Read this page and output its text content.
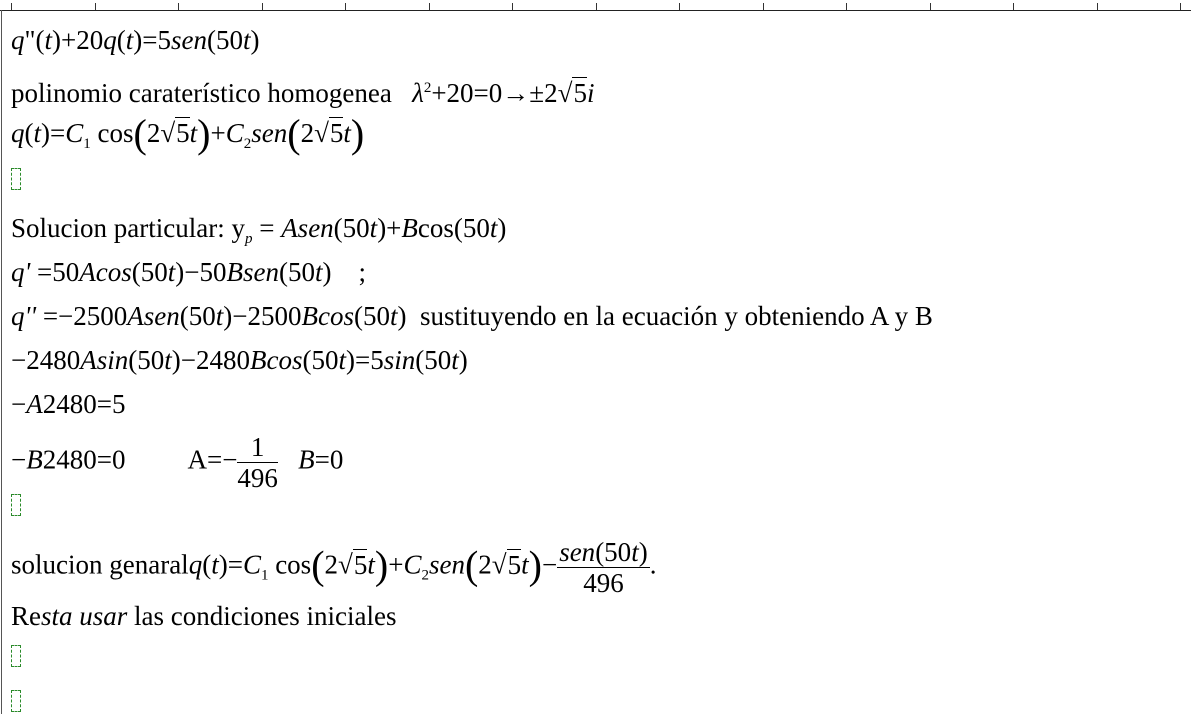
q"(t)+20q(t)=5sen(50t)
polinomio caraterístico homogenea $\lambda^2+20=0\to\pm 2√5i$
$q(t)=C_1$ $\cos(2√5t)+C_2sen(2√5t)$
Solucion particular: $y_p$ = Asen(50t)+Bcos(50t)
q' =50Acos(50t)−50Bsen(50t)    ;
q'' =−2500Asen(50t)−2500Bcos(50t)  sustituyendo en la ecuación y obteniendo A y B
−2480Asin(50t)−2480Bcos(50t)=5sin(50t)
−A2480=5
−B2480=0 $A=- \frac{1}{496} B=0$
solucion $genaralq(t)=C_1$ $\cos(2√5t)+C_2sen(2√5t)- \frac{\text{sen(50t)}}{496}$ .
Resta usar las condiciones iniciales
